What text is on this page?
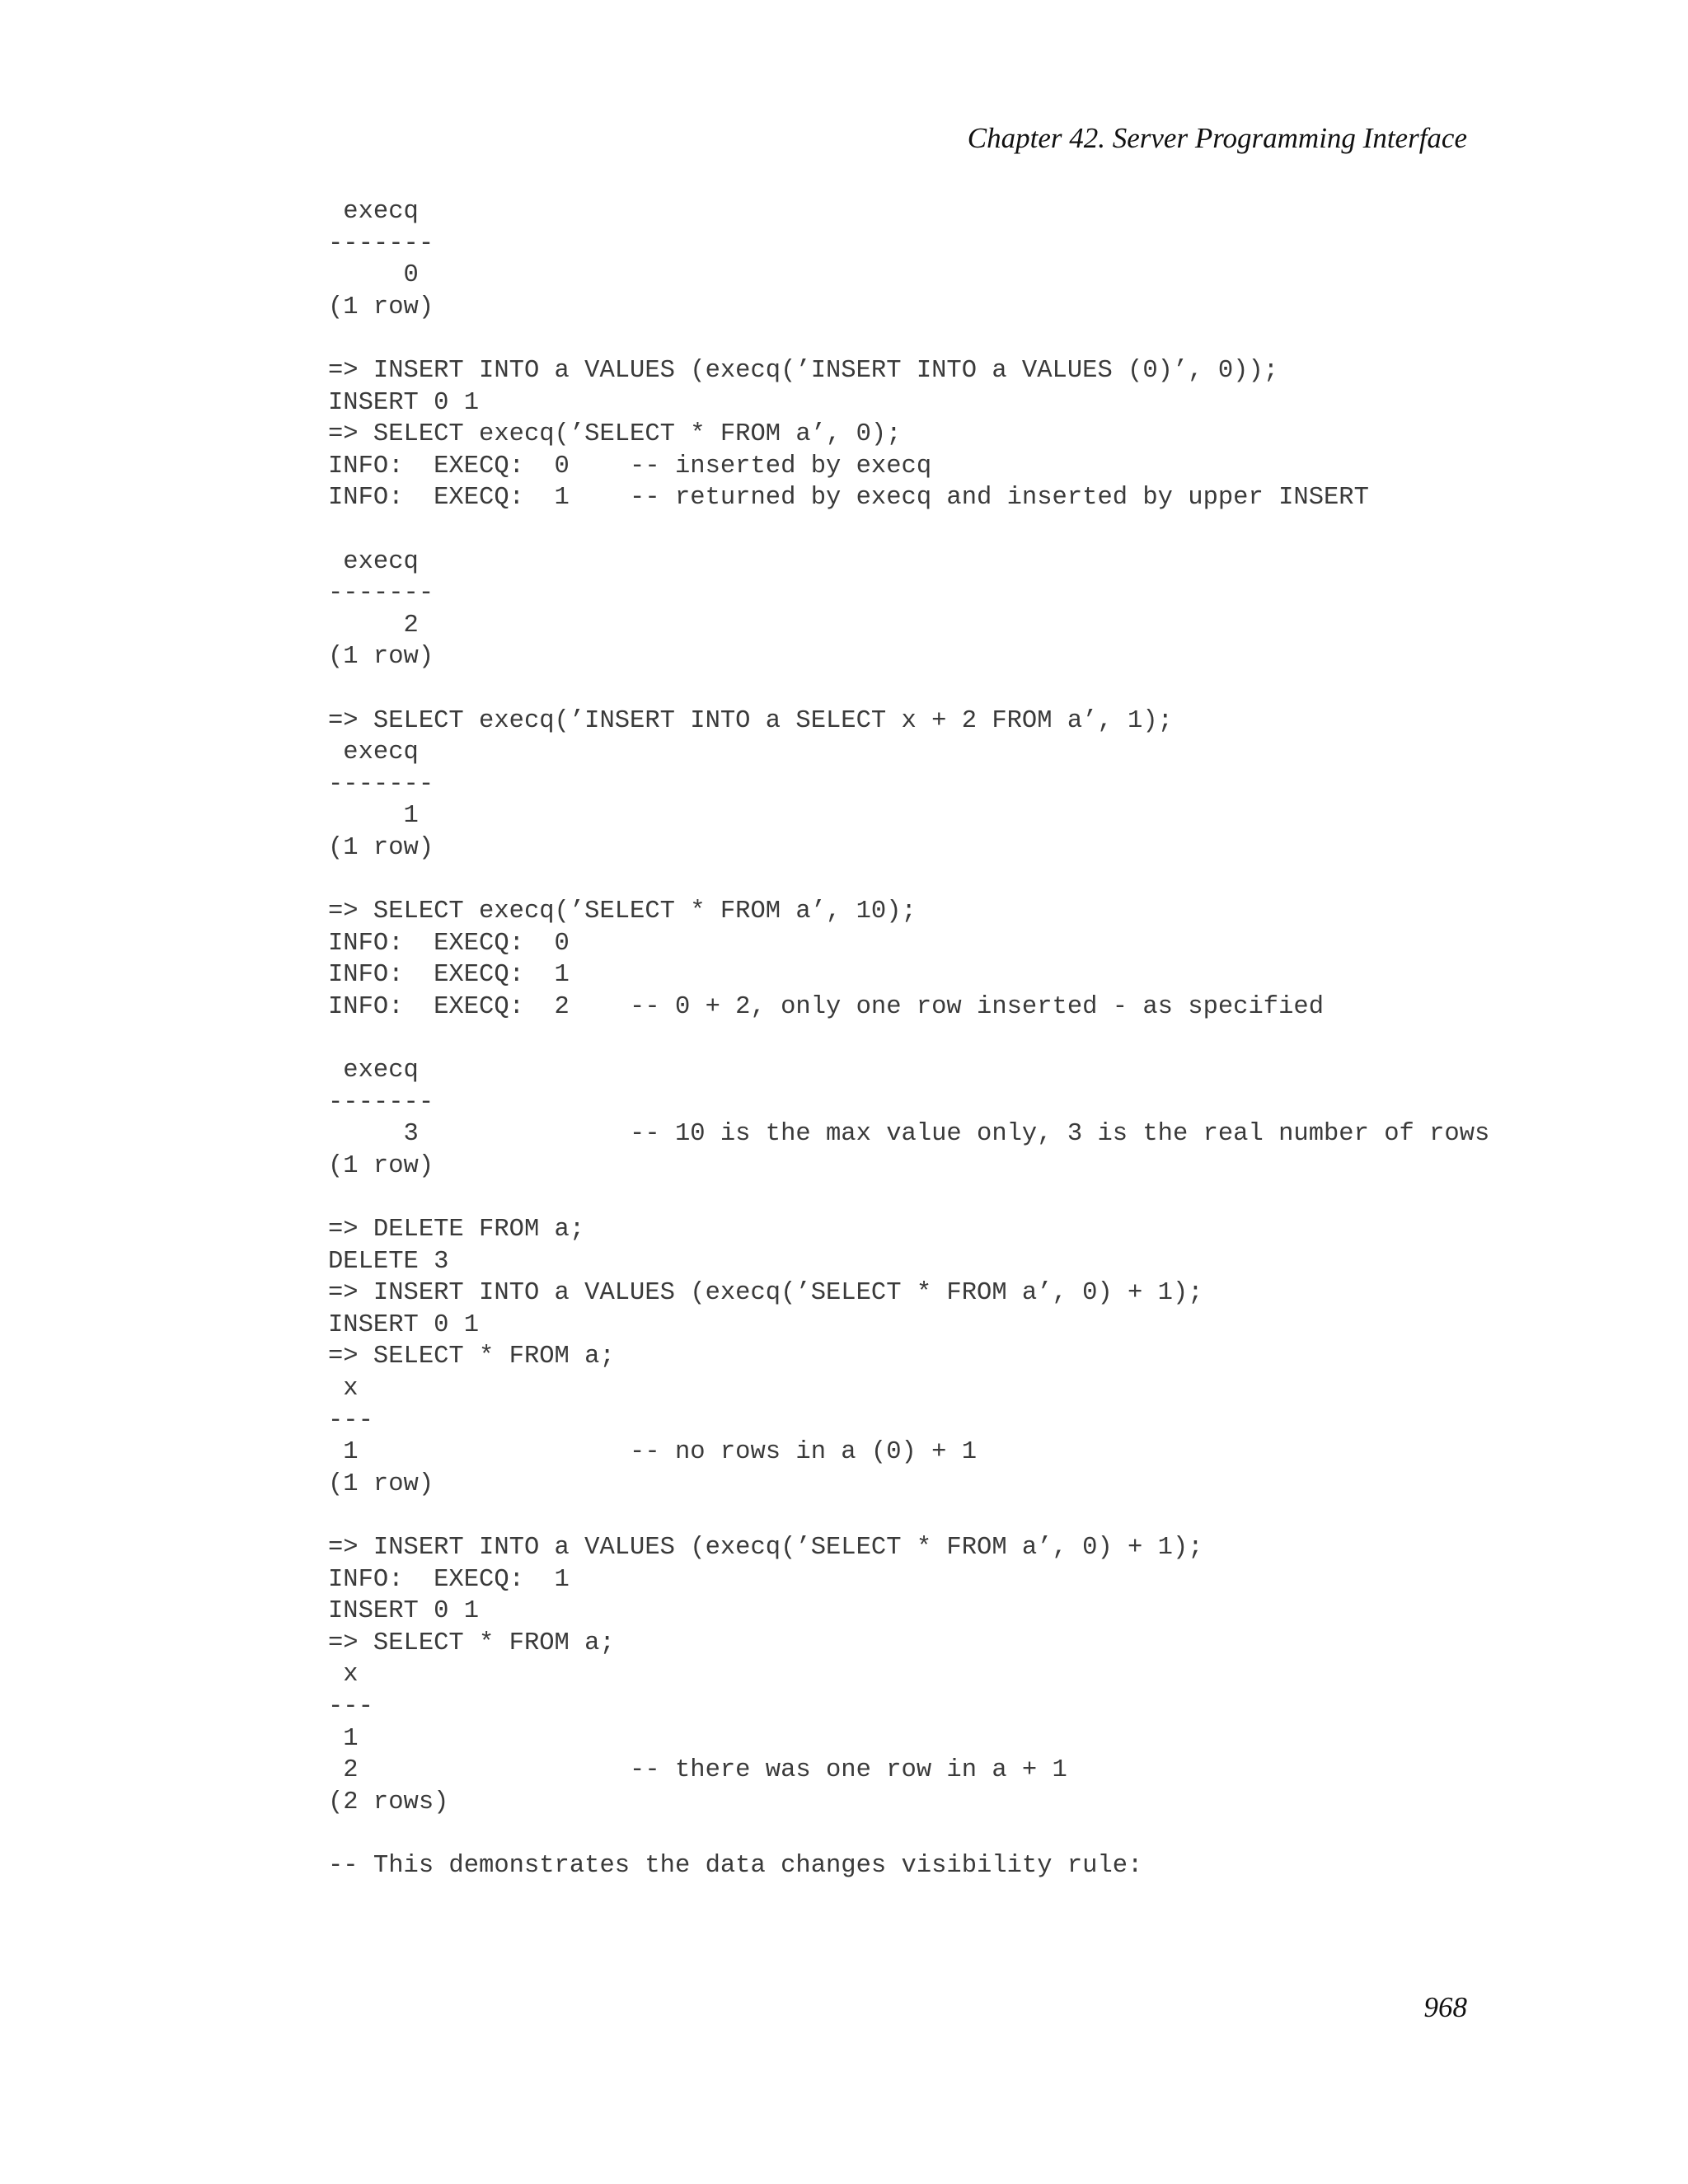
Chapter 42. Server Programming Interface
execq
-------
0
(1 row)
=> INSERT INTO a VALUES (execq(’INSERT INTO a VALUES (0)’, 0));
INSERT 0 1
=> SELECT execq(’SELECT * FROM a’, 0);
INFO:  EXECQ:  0    -- inserted by execq
INFO:  EXECQ:  1    -- returned by execq and inserted by upper INSERT
execq
-------
2
(1 row)
=> SELECT execq(’INSERT INTO a SELECT x + 2 FROM a’, 1);
execq
-------
1
(1 row)
=> SELECT execq(’SELECT * FROM a’, 10);
INFO:  EXECQ:  0
INFO:  EXECQ:  1
INFO:  EXECQ:  2    -- 0 + 2, only one row inserted - as specified
execq
-------
3              -- 10 is the max value only, 3 is the real number of rows
(1 row)
=> DELETE FROM a;
DELETE 3
=> INSERT INTO a VALUES (execq(’SELECT * FROM a’, 0) + 1);
INSERT 0 1
=> SELECT * FROM a;
x
---
1                  -- no rows in a (0) + 1
(1 row)
=> INSERT INTO a VALUES (execq(’SELECT * FROM a’, 0) + 1);
INFO:  EXECQ:  1
INSERT 0 1
=> SELECT * FROM a;
x
---
1
2                  -- there was one row in a + 1
(2 rows)
-- This demonstrates the data changes visibility rule:
968
